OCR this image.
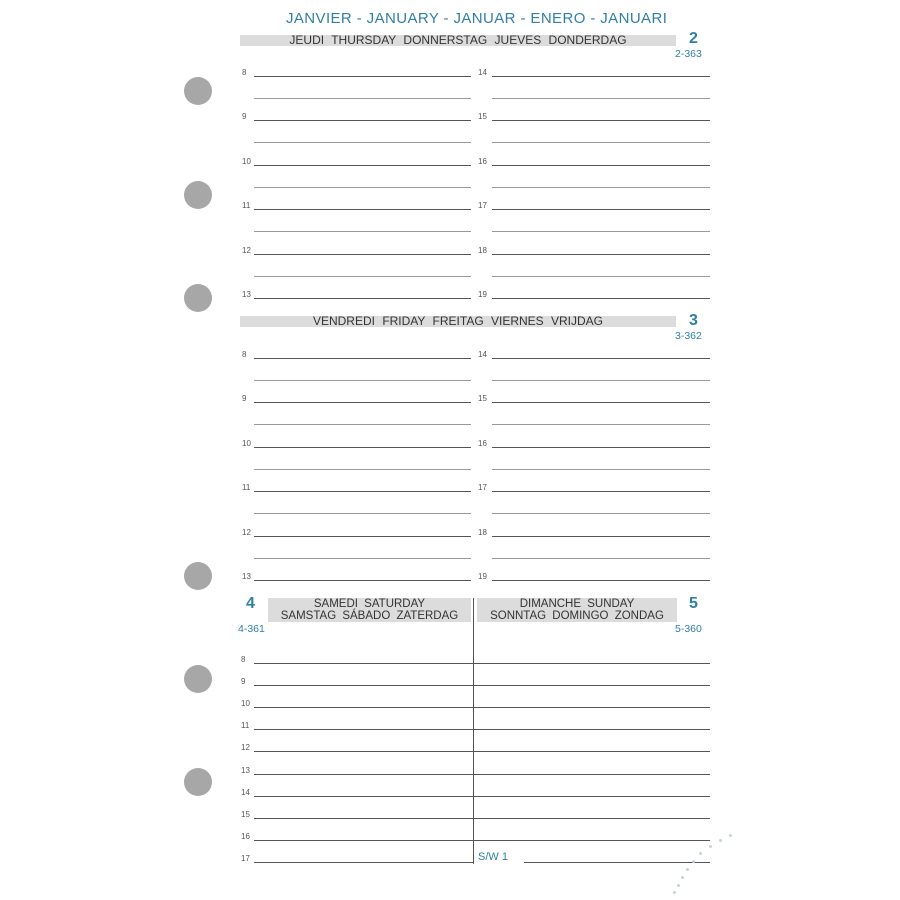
JANVIER - JANUARY - JANUAR - ENERO - JANUARI
JEUDI THURSDAY DONNERSTAG JUEVES DONDERDAG	2
2-363
8
9
10
11
12
13
14
15
16
17
18
19
VENDREDI FRIDAY FREITAG VIERNES VRIJDAG	3
3-362
8
9
10
11
12
13
14
15
16
17
18
19
4
4-361
SAMEDI SATURDAY
SAMSTAG SÁBADO ZATERDAG
DIMANCHE SUNDAY
SONNTAG DOMINGO ZONDAG
5
5-360
8
9
10
11
12
13
14
15
16
17	S/W 1
